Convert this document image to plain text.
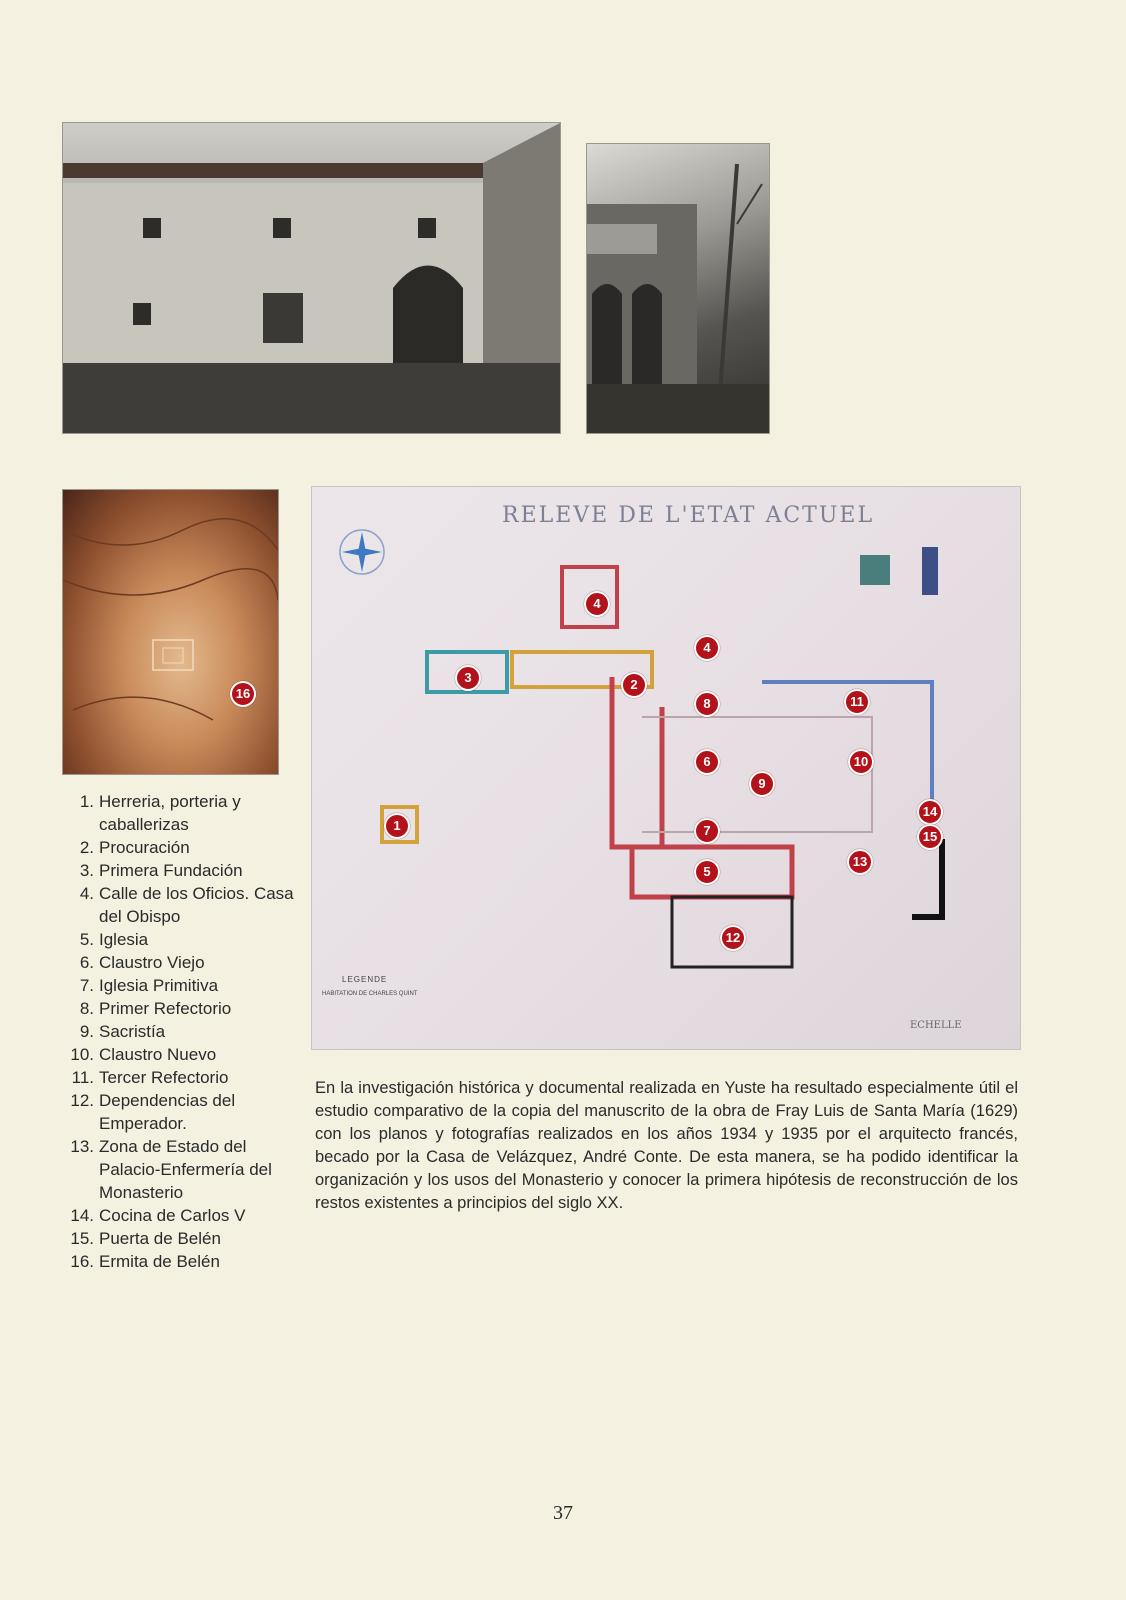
16
RELEVE DE L'ETAT ACTUEL
1
2
3
4
4
5
6
7
8
9
10
11
12
13
14
15
LEGENDE
HABITATION DE CHARLES QUINT
ECHELLE
1. Herreria, porteria y caballerizas
2. Procuración
3. Primera Fundación
4. Calle de los Oficios. Casa del Obispo
5. Iglesia
6. Claustro Viejo
7. Iglesia Primitiva
8. Primer Refectorio
9. Sacristía
10. Claustro Nuevo
11. Tercer Refectorio
12. Dependencias del Emperador.
13. Zona de Estado del Palacio-Enfermería del Monasterio
14. Cocina de Carlos V
15. Puerta de Belén
16. Ermita de Belén

En la investigación histórica y documental realizada en Yuste ha resultado especialmente útil el estudio comparativo de la copia del manuscrito de la obra de Fray Luis de Santa María (1629) con los planos y fotografías realizados en los años 1934 y 1935 por el arquitecto francés, becado por la Casa de Velázquez, André Conte. De esta manera, se ha podido identificar la organización y los usos del Monasterio y conocer la primera hipótesis de reconstrucción de los restos existentes a principios del siglo XX.

37
